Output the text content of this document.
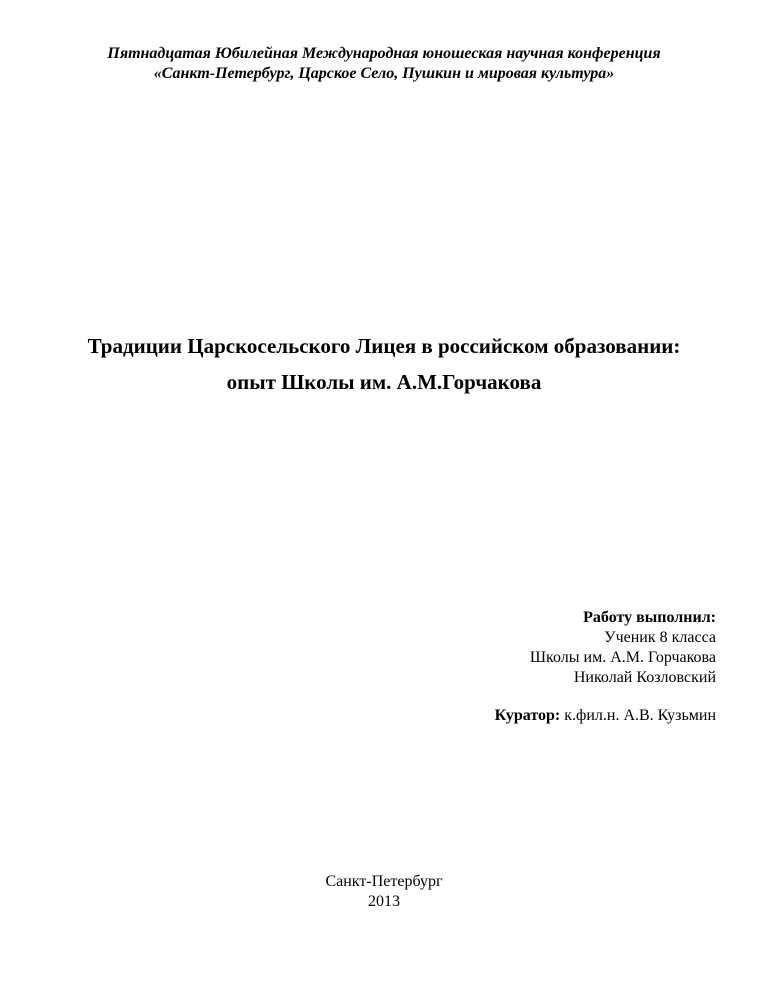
Пятнадцатая Юбилейная Международная юношеская научная конференция
«Санкт-Петербург, Царское Село, Пушкин и мировая культура»
Традиции Царскосельского Лицея в российском образовании:
опыт Школы им. А.М.Горчакова
Работу выполнил:
Ученик 8 класса
Школы им. А.М. Горчакова
Николай Козловский
Куратор: к.фил.н. А.В. Кузьмин
Санкт-Петербург
2013
